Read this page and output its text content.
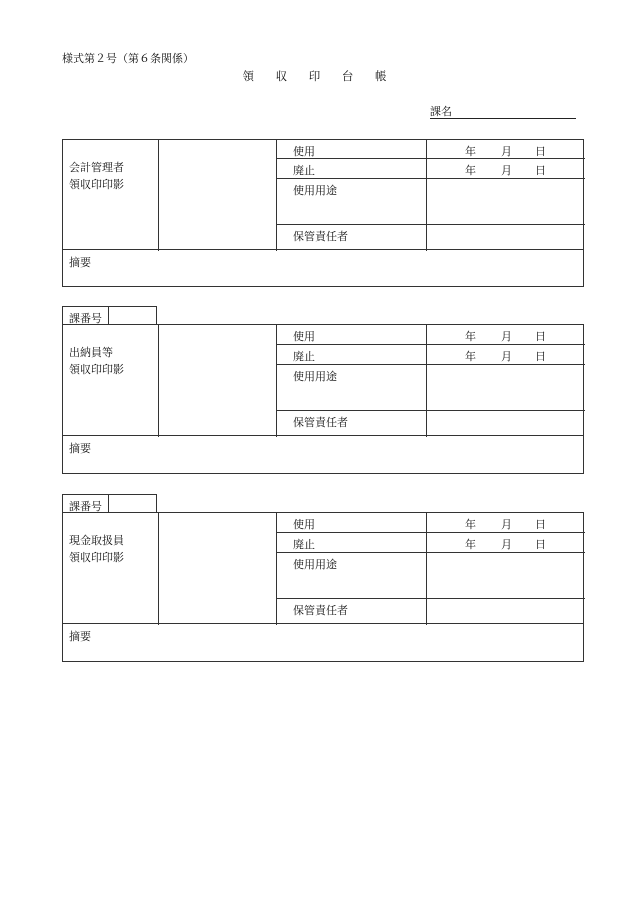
様式第２号（第６条関係）
領 収 印 台 帳
課名
会計管理者
領収印印影
使用
廃止
使用用途
保管責任者
年 月 日
年 月 日
摘要
課番号
出納員等
領収印印影
使用
廃止
使用用途
保管責任者
年 月 日
年 月 日
摘要
課番号
現金取扱員
領収印印影
使用
廃止
使用用途
保管責任者
年 月 日
年 月 日
摘要
